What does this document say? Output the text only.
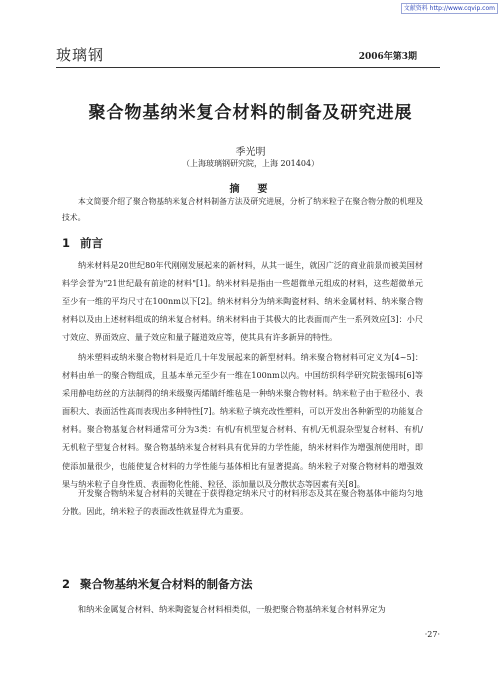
文献资料 http://www.cqvip.com
玻璃钢	2006年第3期
聚合物基纳米复合材料的制备及研究进展
季光明
（上海玻璃钢研究院，上海 201404）
摘　要

本文简要介绍了聚合物基纳米复合材料制备方法及研究进展，分析了纳米粒子在聚合物分散的机理及技术。

1 前言

纳米材料是20世纪80年代刚刚发展起来的新材料，从其一诞生，就因广泛的商业前景而被美国材料学会誉为"21世纪最有前途的材料"[1]。纳米材料是指由一些超微单元组成的材料，这些超微单元至少有一维的平均尺寸在100nm以下[2]。纳米材料分为纳米陶瓷材料、纳米金属材料、纳米聚合物材料以及由上述材料组成的纳米复合材料。纳米材料由于其极大的比表面而产生一系列效应[3]：小尺寸效应、界面效应、量子效应和量子隧道效应等，使其具有许多新异的特性。

纳米塑料或纳米聚合物材料是近几十年发展起来的新型材料。纳米聚合物材料可定义为[4~5]：材料由单一的聚合物组成，且基本单元至少有一维在100nm以内。中国纺织科学研究院张锡玮[6]等采用静电纺丝的方法制得的纳米级聚丙烯睛纤维毡是一种纳米聚合物材料。纳米粒子由于粒径小、表面积大、表面活性高而表现出多种特性[7]。纳米粒子填充改性塑料，可以开发出各种新型的功能复合材料。聚合物基复合材料通常可分为3类：有机/有机型复合材料、有机/无机混杂型复合材料、有机/无机粒子型复合材料。聚合物基纳米复合材料具有优异的力学性能，纳米材料作为增强剂使用时，即使添加量很少，也能使复合材料的力学性能与基体相比有显著提高。纳米粒子对聚合物材料的增强效果与纳米粒子自身性质、表面物化性能、粒径、添加量以及分散状态等因素有关[8]。

开发聚合物纳米复合材料的关键在于获得稳定纳米尺寸的材料形态及其在聚合物基体中能均匀地分散。因此，纳米粒子的表面改性就显得尤为重要。

2 聚合物基纳米复合材料的制备方法

和纳米金属复合材料、纳米陶瓷复合材料相类似，一般把聚合物基纳米复合材料界定为

·27·
